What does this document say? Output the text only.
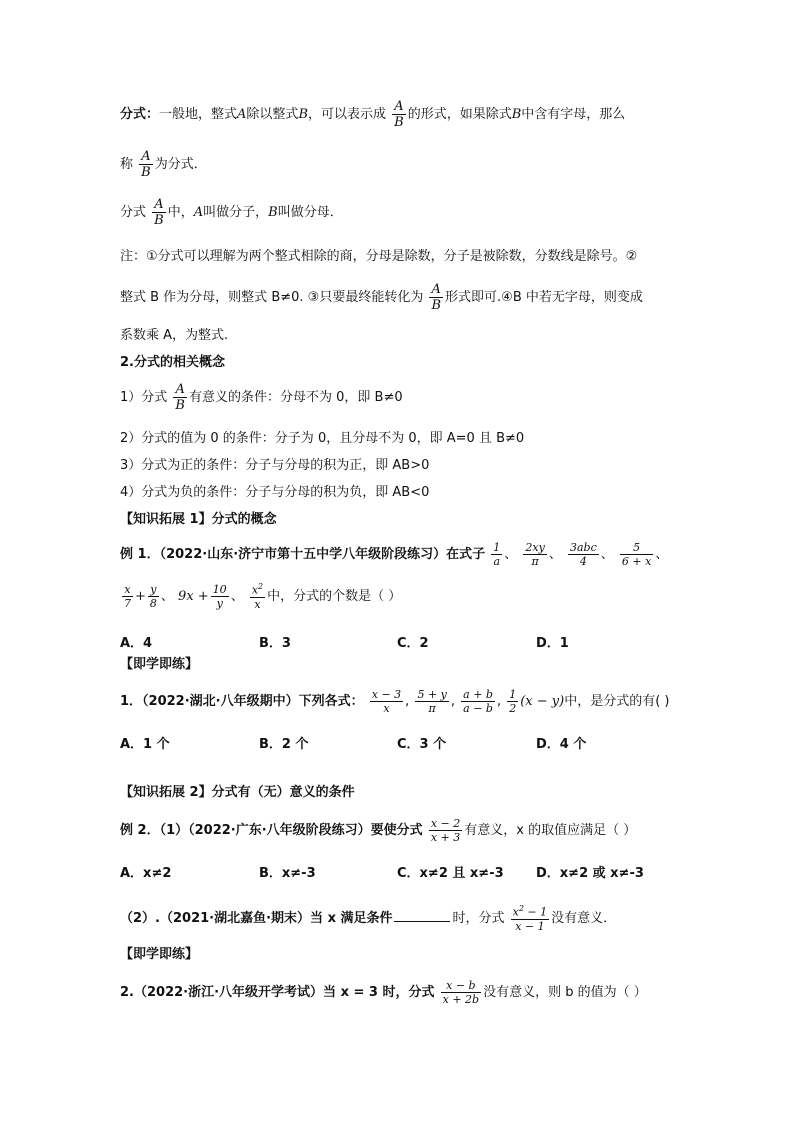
分式：一般地，整式A除以整式B，可以表示成 $\frac{A}{B}$ 的形式，如果除式B中含有字母，那么
称 $\frac{A}{B}$ 为分式．
分式 $\frac{A}{B}$ 中，A叫做分子，B叫做分母．
注：①分式可以理解为两个整式相除的商，分母是除数，分子是被除数，分数线是除号。②
整式 B 作为分母，则整式 B≠0. ③只要最终能转化为 $\frac{A}{B}$ 形式即可.④B 中若无字母，则变成
系数乘 A，为整式.
2.分式的相关概念
1）分式 $\frac{A}{B}$ 有意义的条件：分母不为 0，即 B≠0
2）分式的值为 0 的条件：分子为 0，且分母不为 0，即 A=0 且 B≠0
3）分式为正的条件：分子与分母的积为正，即 AB>0
4）分式为负的条件：分子与分母的积为负，即 AB<0
【知识拓展 1】分式的概念
例 1．（2022·山东·济宁市第十五中学八年级阶段练习）在式子 $\frac{1}{a}$ 、 $\frac{2xy}{\pi}$ 、 $\frac{\text{3abc}}{4}$ 、 $\frac{5}{6 + x}$ 、
$\frac{x}{7} + \frac{y}{8}$ 、 $9x + \frac{10}{y}$ 、 $\frac{x^2}{x}$ 中，分式的个数是（ ）
A．4	B．3	C．2	D．1
【即学即练】
1．（2022·湖北·八年级期中）下列各式： $\frac{x - 3}{x}$ , $\frac{5 + y}{\pi}$ , $\frac{a + b}{a - b}$ , $\frac{1}{2} (x - y)$中，是分式的有( )
A．1 个	B．2 个	C．3 个	D．4 个
【知识拓展 2】分式有（无）意义的条件
例 2．（1）（2022·广东·八年级阶段练习）要使分式 $\frac{x - 2}{x + 3}$ 有意义，x 的取值应满足（ ）
A．x≠2	B．x≠-3	C．x≠2 且 x≠-3 D．x≠2 或 x≠-3
（2）.（2021·湖北嘉鱼·期末）当 x 满足条件	时，分式 $\frac{x^2 - 1}{x - 1}$ 没有意义．
【即学即练】
2.（2022·浙江·八年级开学考试）当 x = 3 时，分式 $\frac{x - b}{x + 2b}$ 没有意义，则 b 的值为（ ）
